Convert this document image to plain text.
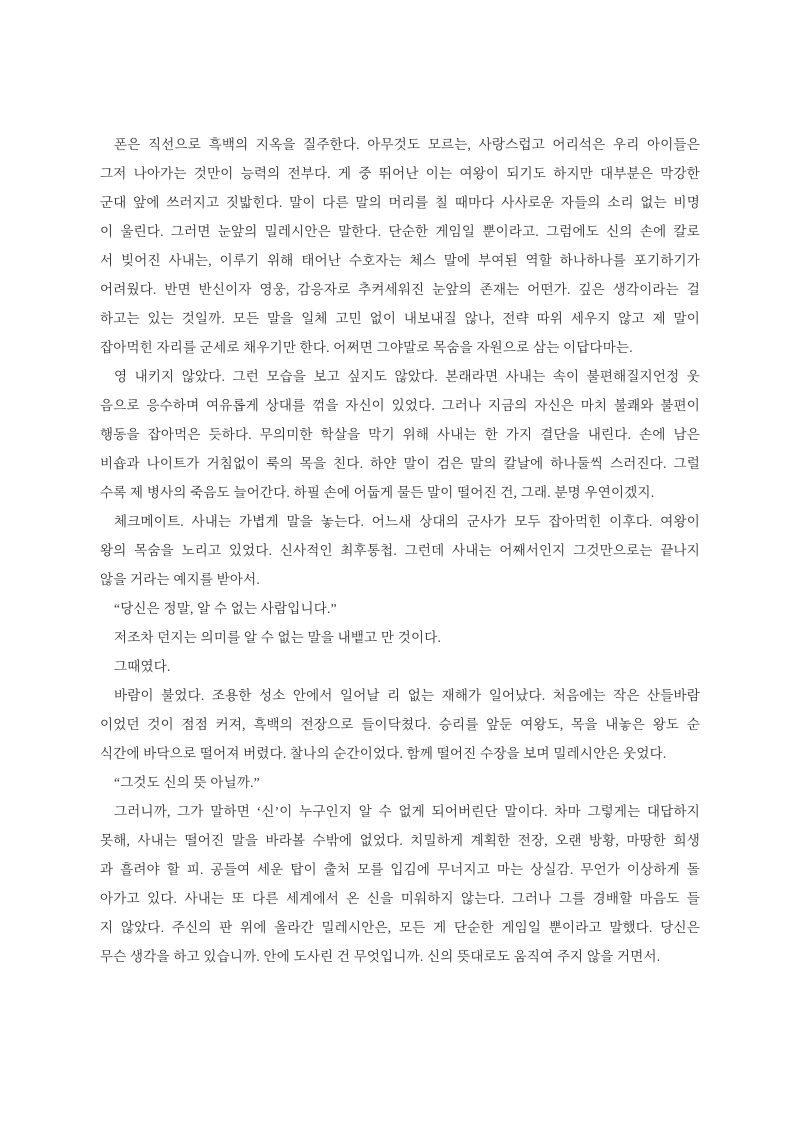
폰은 직선으로 흑백의 지옥을 질주한다. 아무것도 모르는, 사랑스럽고 어리석은 우리 아이들은
그저 나아가는 것만이 능력의 전부다. 게 중 뛰어난 이는 여왕이 되기도 하지만 대부분은 막강한
군대 앞에 쓰러지고 짓밟힌다. 말이 다른 말의 머리를 칠 때마다 사사로운 자들의 소리 없는 비명
이 울린다. 그러면 눈앞의 밀레시안은 말한다. 단순한 게임일 뿐이라고. 그럼에도 신의 손에 칼로
서 빚어진 사내는, 이루기 위해 태어난 수호자는 체스 말에 부여된 역할 하나하나를 포기하기가
어려웠다. 반면 반신이자 영웅, 감응자로 추켜세워진 눈앞의 존재는 어떤가. 깊은 생각이라는 걸
하고는 있는 것일까. 모든 말을 일체 고민 없이 내보내질 않나, 전략 따위 세우지 않고 제 말이
잡아먹힌 자리를 군세로 채우기만 한다. 어쩌면 그야말로 목숨을 자원으로 삼는 이답다마는.
영 내키지 않았다. 그런 모습을 보고 싶지도 않았다. 본래라면 사내는 속이 불편해질지언정 웃
음으로 응수하며 여유롭게 상대를 꺾을 자신이 있었다. 그러나 지금의 자신은 마치 불쾌와 불편이
행동을 잡아먹은 듯하다. 무의미한 학살을 막기 위해 사내는 한 가지 결단을 내린다. 손에 남은
비숍과 나이트가 거침없이 룩의 목을 친다. 하얀 말이 검은 말의 칼날에 하나둘씩 스러진다. 그럴
수록 제 병사의 죽음도 늘어간다. 하필 손에 어둡게 물든 말이 떨어진 건, 그래. 분명 우연이겠지.
체크메이트. 사내는 가볍게 말을 놓는다. 어느새 상대의 군사가 모두 잡아먹힌 이후다. 여왕이
왕의 목숨을 노리고 있었다. 신사적인 최후통첩. 그런데 사내는 어째서인지 그것만으로는 끝나지
않을 거라는 예지를 받아서.
“당신은 정말, 알 수 없는 사람입니다.”
저조차 던지는 의미를 알 수 없는 말을 내뱉고 만 것이다.
그때였다.
바람이 불었다. 조용한 성소 안에서 일어날 리 없는 재해가 일어났다. 처음에는 작은 산들바람
이었던 것이 점점 커져, 흑백의 전장으로 들이닥쳤다. 승리를 앞둔 여왕도, 목을 내놓은 왕도 순
식간에 바닥으로 떨어져 버렸다. 찰나의 순간이었다. 함께 떨어진 수장을 보며 밀레시안은 웃었다.
“그것도 신의 뜻 아닐까.”
그러니까, 그가 말하면 ‘신’이 누구인지 알 수 없게 되어버린단 말이다. 차마 그렇게는 대답하지
못해, 사내는 떨어진 말을 바라볼 수밖에 없었다. 치밀하게 계획한 전장, 오랜 방황, 마땅한 희생
과 흘려야 할 피. 공들여 세운 탑이 출처 모를 입김에 무너지고 마는 상실감. 무언가 이상하게 돌
아가고 있다. 사내는 또 다른 세계에서 온 신을 미워하지 않는다. 그러나 그를 경배할 마음도 들
지 않았다. 주신의 판 위에 올라간 밀레시안은, 모든 게 단순한 게임일 뿐이라고 말했다. 당신은
무슨 생각을 하고 있습니까. 안에 도사린 건 무엇입니까. 신의 뜻대로도 움직여 주지 않을 거면서.
